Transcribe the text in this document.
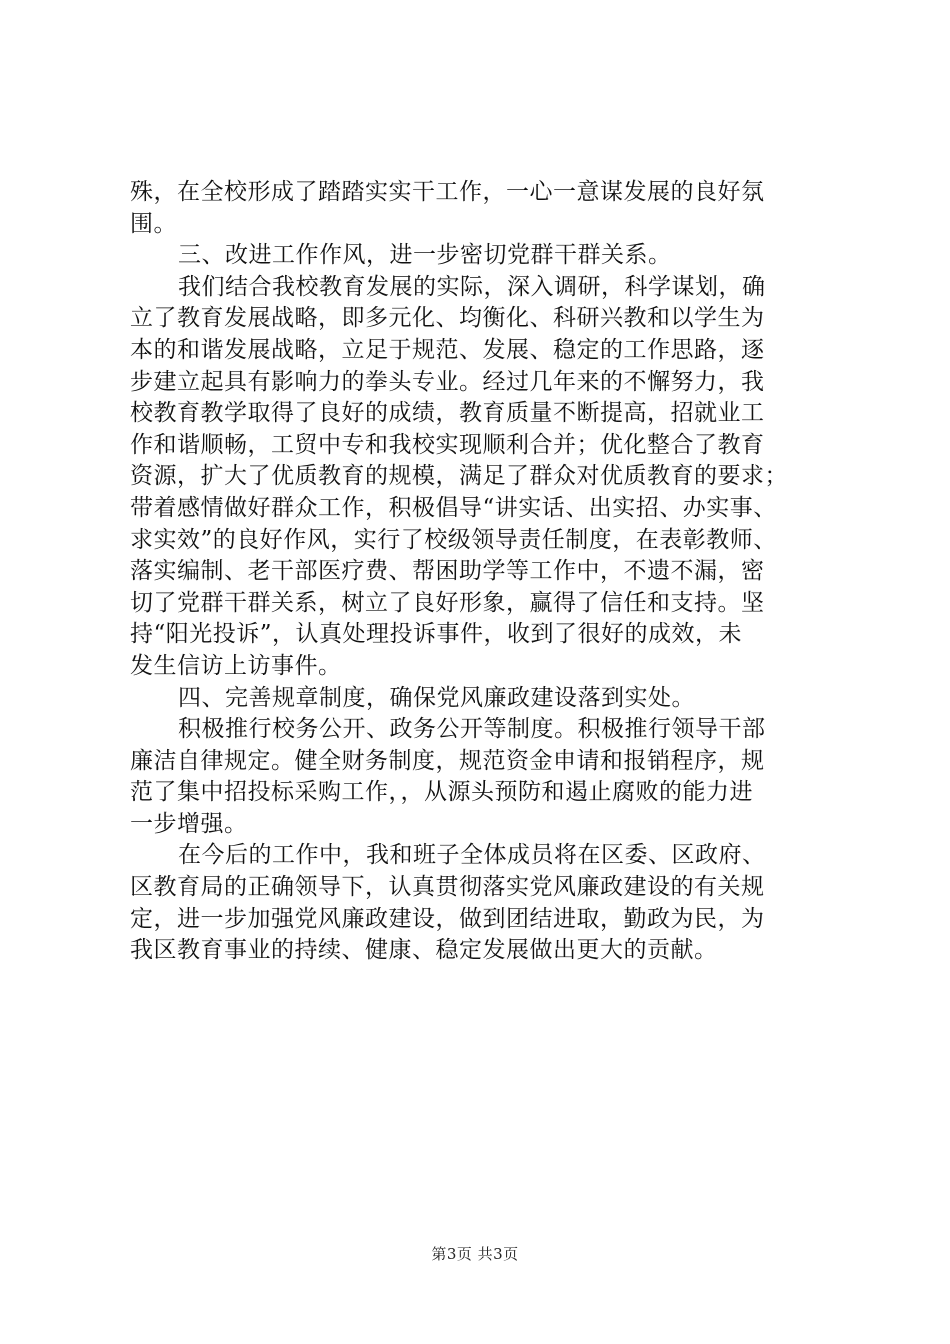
殊，在全校形成了踏踏实实干工作，一心一意谋发展的良好氛
围。
三、改进工作作风，进一步密切党群干群关系。
我们结合我校教育发展的实际，深入调研，科学谋划，确
立了教育发展战略，即多元化、均衡化、科研兴教和以学生为
本的和谐发展战略，立足于规范、发展、稳定的工作思路，逐
步建立起具有影响力的拳头专业。经过几年来的不懈努力，我
校教育教学取得了良好的成绩，教育质量不断提高，招就业工
作和谐顺畅，工贸中专和我校实现顺利合并；优化整合了教育
资源，扩大了优质教育的规模，满足了群众对优质教育的要求；
带着感情做好群众工作，积极倡导“讲实话、出实招、办实事、
求实效”的良好作风，实行了校级领导责任制度，在表彰教师、
落实编制、老干部医疗费、帮困助学等工作中，不遗不漏，密
切了党群干群关系，树立了良好形象，赢得了信任和支持。坚
持“阳光投诉”，认真处理投诉事件，收到了很好的成效，未
发生信访上访事件。
四、完善规章制度，确保党风廉政建设落到实处。
积极推行校务公开、政务公开等制度。积极推行领导干部
廉洁自律规定。健全财务制度，规范资金申请和报销程序，规
范了集中招投标采购工作，，从源头预防和遏止腐败的能力进
一步增强。
在今后的工作中，我和班子全体成员将在区委、区政府、
区教育局的正确领导下，认真贯彻落实党风廉政建设的有关规
定，进一步加强党风廉政建设，做到团结进取，勤政为民，为
我区教育事业的持续、健康、稳定发展做出更大的贡献。
第3页 共3页
